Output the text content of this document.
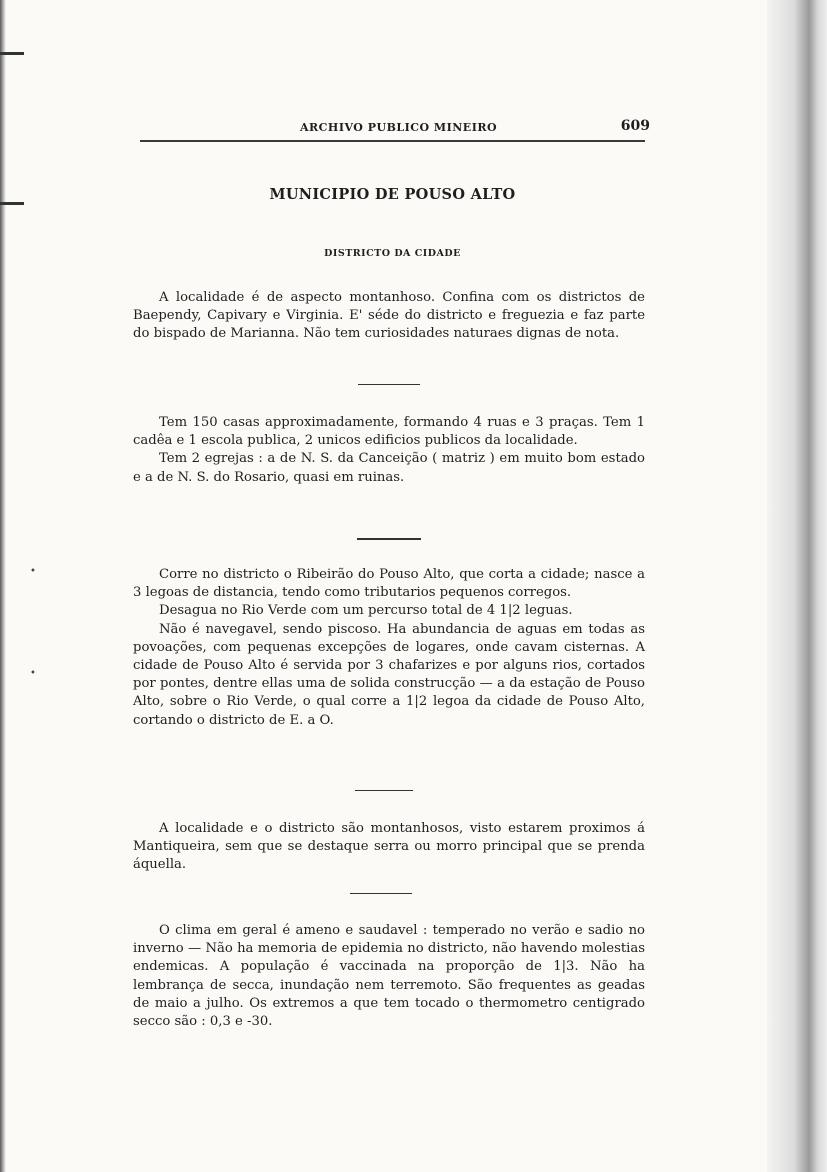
ARCHIVO PUBLICO MINEIRO	609
MUNICIPIO DE POUSO ALTO
DISTRICTO DA CIDADE

A localidade é de aspecto montanhoso. Confina com os districtos de Baependy, Capivary e Virginia. E' séde do districto e freguezia e faz parte do bispado de Marianna. Não tem curiosidades naturaes dignas de nota.

Tem 150 casas approximadamente, formando 4 ruas e 3 praças. Tem 1 cadêa e 1 escola publica, 2 unicos edificios publicos da localidade.

Tem 2 egrejas : a de N. S. da Canceição ( matriz ) em muito bom estado e a de N. S. do Rosario, quasi em ruinas.

•
•

Corre no districto o Ribeirão do Pouso Alto, que corta a cidade; nasce a 3 legoas de distancia, tendo como tributarios pequenos corregos.

Desagua no Rio Verde com um percurso total de 4 1|2 leguas.

Não é navegavel, sendo piscoso. Ha abundancia de aguas em todas as povoações, com pequenas excepções de logares, onde cavam cisternas. A cidade de Pouso Alto é servida por 3 chafarizes e por alguns rios, cortados por pontes, dentre ellas uma de solida construcção — a da estação de Pouso Alto, sobre o Rio Verde, o qual corre a 1|2 legoa da cidade de Pouso Alto, cortando o districto de E. a O.

A localidade e o districto são montanhosos, visto estarem proximos á Mantiqueira, sem que se destaque serra ou morro principal que se prenda áquella.

O clima em geral é ameno e saudavel : temperado no verão e sadio no inverno — Não ha memoria de epidemia no districto, não havendo molestias endemicas. A população é vaccinada na proporção de 1|3. Não ha lembrança de secca, inundação nem terremoto. São frequentes as geadas de maio a julho. Os extremos a que tem tocado o thermometro centigrado secco são : 0,3 e -30.
